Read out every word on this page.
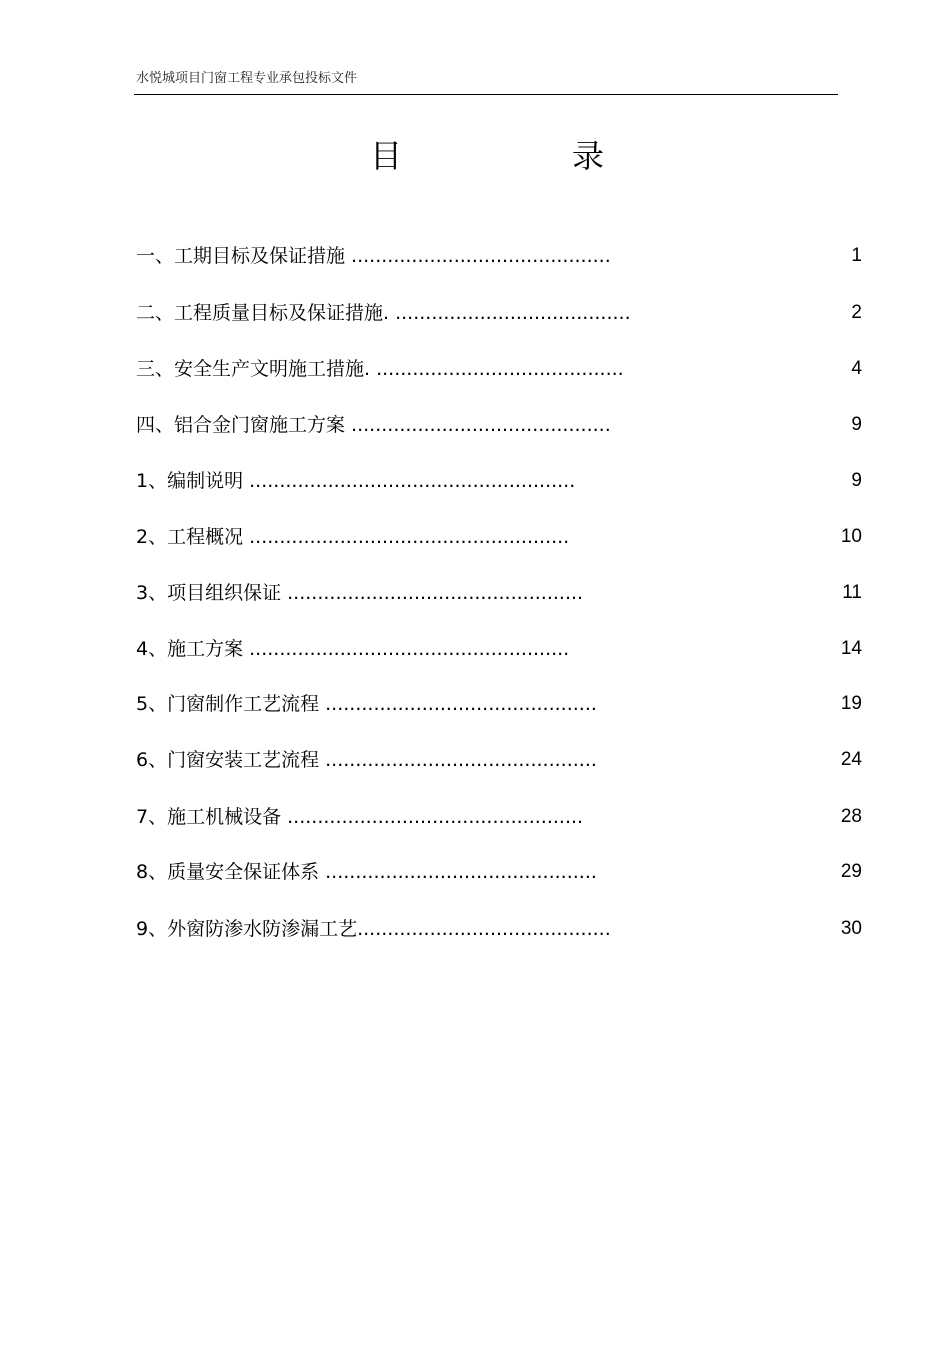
水悦城项目门窗工程专业承包投标文件
目	录
一、工期目标及保证措施 ...........................................	1
二、工程质量目标及保证措施. .......................................	2
三、安全生产文明施工措施. .........................................	4
四、铝合金门窗施工方案 ...........................................	9
1、编制说明 ......................................................	9
2、工程概况 .....................................................	10
3、项目组织保证 .................................................	11
4、施工方案 .....................................................	14
5、门窗制作工艺流程 .............................................	19
6、门窗安装工艺流程 .............................................	24
7、施工机械设备 .................................................	28
8、质量安全保证体系 .............................................	29
9、外窗防渗水防渗漏工艺..........................................	30
